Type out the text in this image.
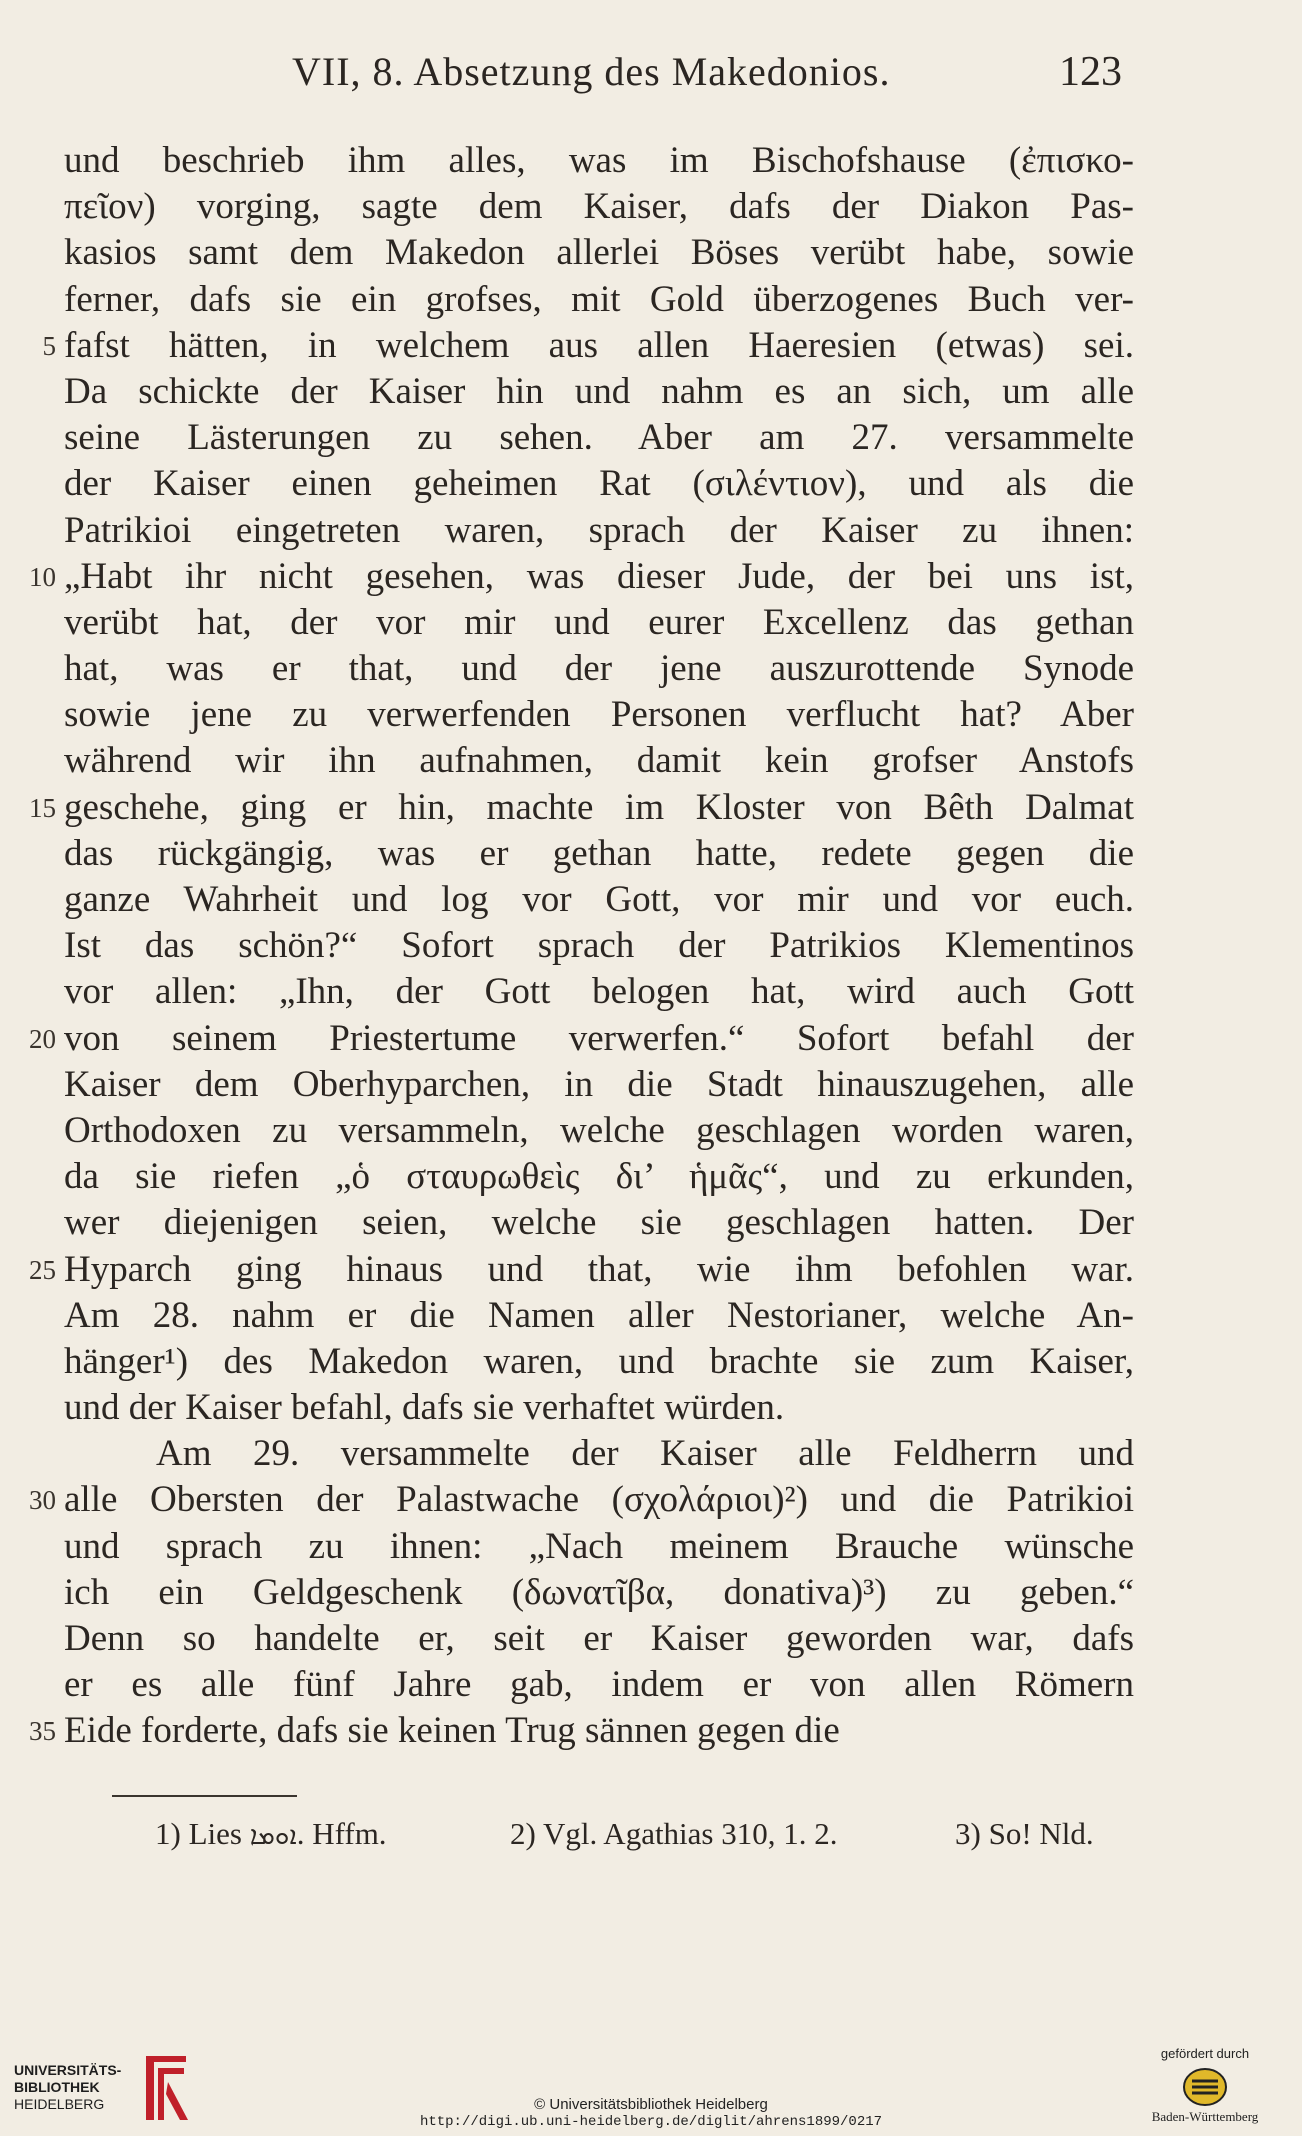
VII, 8. Absetzung des Makedonios.	123
und beschrieb ihm alles, was im Bischofshause (ἐπισκο-
πεῖον) vorging, sagte dem Kaiser, dafs der Diakon Pas-
kasios samt dem Makedon allerlei Böses verübt habe, sowie
ferner, dafs sie ein grofses, mit Gold überzogenes Buch ver-
5 fafst hätten, in welchem aus allen Haeresien (etwas) sei.
Da schickte der Kaiser hin und nahm es an sich, um alle
seine Lästerungen zu sehen. Aber am 27. versammelte
der Kaiser einen geheimen Rat (σιλέντιον), und als die
Patrikioi eingetreten waren, sprach der Kaiser zu ihnen:
10 „Habt ihr nicht gesehen, was dieser Jude, der bei uns ist,
verübt hat, der vor mir und eurer Excellenz das gethan
hat, was er that, und der jene auszurottende Synode
sowie jene zu verwerfenden Personen verflucht hat? Aber
während wir ihn aufnahmen, damit kein grofser Anstofs
15 geschehe, ging er hin, machte im Kloster von Bêth Dalmat
das rückgängig, was er gethan hatte, redete gegen die
ganze Wahrheit und log vor Gott, vor mir und vor euch.
Ist das schön?“ Sofort sprach der Patrikios Klementinos
vor allen: „Ihn, der Gott belogen hat, wird auch Gott
20 von seinem Priestertume verwerfen.“ Sofort befahl der
Kaiser dem Oberhyparchen, in die Stadt hinauszugehen, alle
Orthodoxen zu versammeln, welche geschlagen worden waren,
da sie riefen „ὁ σταυρωθεὶς δι’ ἡμᾶς“, und zu erkunden,
wer diejenigen seien, welche sie geschlagen hatten. Der
25 Hyparch ging hinaus und that, wie ihm befohlen war.
Am 28. nahm er die Namen aller Nestorianer, welche An-
hänger¹) des Makedon waren, und brachte sie zum Kaiser,
und der Kaiser befahl, dafs sie verhaftet würden.
Am 29. versammelte der Kaiser alle Feldherrn und
30 alle Obersten der Palastwache (σχολάριοι)²) und die Patrikioi
und sprach zu ihnen: „Nach meinem Brauche wünsche
ich ein Geldgeschenk (δωνατῖβα, donativa)³) zu geben.“
Denn so handelte er, seit er Kaiser geworden war, dafs
er es alle fünf Jahre gab, indem er von allen Römern
35 Eide forderte, dafs sie keinen Trug sännen gegen die
1) Lies ܐܘܡܐ. Hffm.	2) Vgl. Agathias 310, 1. 2.	3) So! Nld.
UNIVERSITÄTS-
BIBLIOTHEK
HEIDELBERG	© Universitätsbibliothek Heidelberg
http://digi.ub.uni-heidelberg.de/diglit/ahrens1899/0217
gefördert durch
Baden-Württemberg
